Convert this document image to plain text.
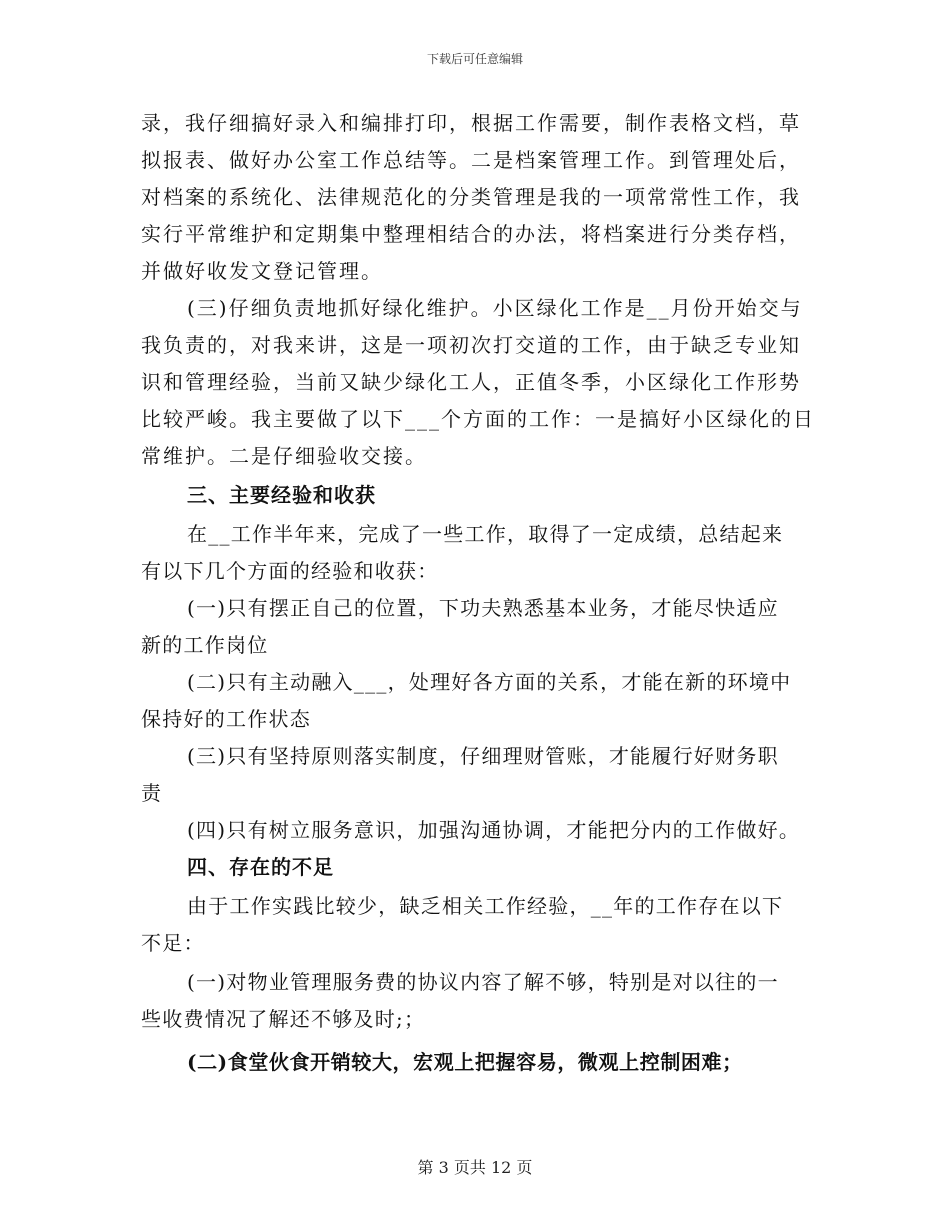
下载后可任意编辑
录，我仔细搞好录入和编排打印，根据工作需要，制作表格文档，草
拟报表、做好办公室工作总结等。二是档案管理工作。到管理处后，
对档案的系统化、法律规范化的分类管理是我的一项常常性工作，我
实行平常维护和定期集中整理相结合的办法，将档案进行分类存档，
并做好收发文登记管理。
(三)仔细负责地抓好绿化维护。小区绿化工作是__月份开始交与
我负责的，对我来讲，这是一项初次打交道的工作，由于缺乏专业知
识和管理经验，当前又缺少绿化工人，正值冬季，小区绿化工作形势
比较严峻。我主要做了以下___个方面的工作：一是搞好小区绿化的日
常维护。二是仔细验收交接。
三、主要经验和收获
在__工作半年来，完成了一些工作，取得了一定成绩，总结起来
有以下几个方面的经验和收获：
(一)只有摆正自己的位置，下功夫熟悉基本业务，才能尽快适应
新的工作岗位
(二)只有主动融入___，处理好各方面的关系，才能在新的环境中
保持好的工作状态
(三)只有坚持原则落实制度，仔细理财管账，才能履行好财务职
责
(四)只有树立服务意识，加强沟通协调，才能把分内的工作做好。
四、存在的不足
由于工作实践比较少，缺乏相关工作经验，__年的工作存在以下
不足：
(一)对物业管理服务费的协议内容了解不够，特别是对以往的一
些收费情况了解还不够及时;；
(二)食堂伙食开销较大，宏观上把握容易，微观上控制困难；
第 3 页共 12 页
